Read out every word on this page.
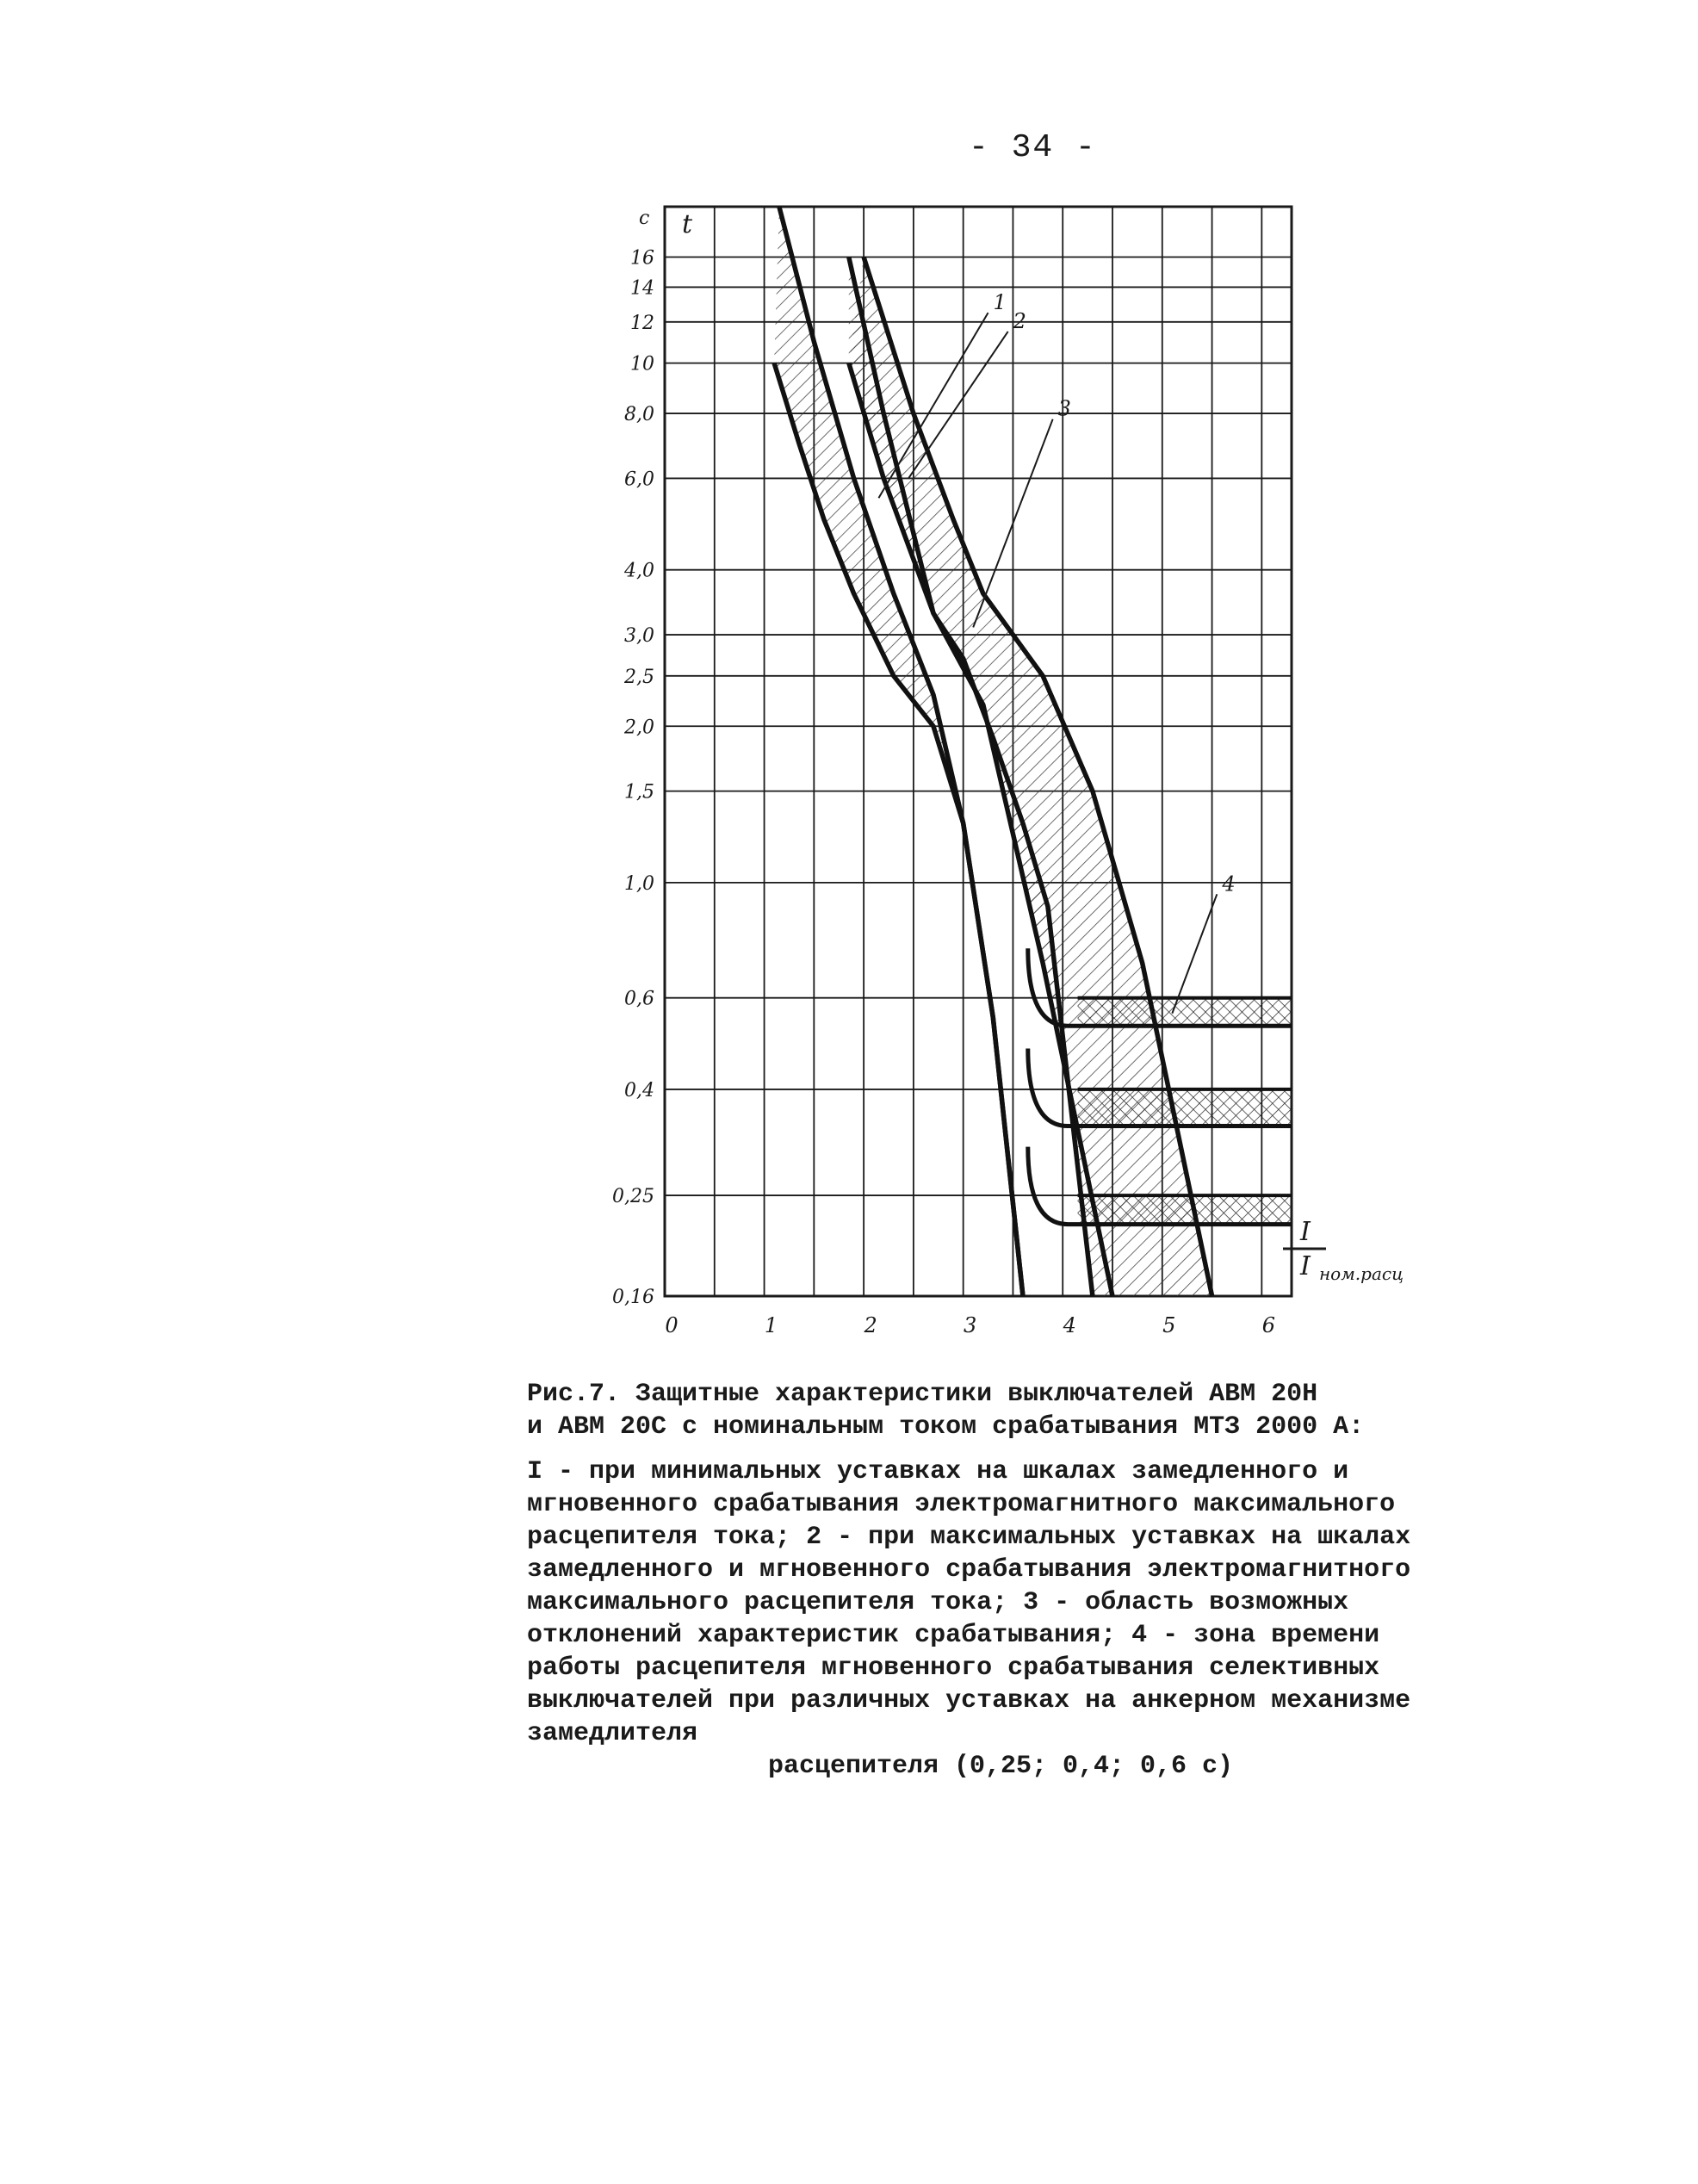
- 34 -
0,16
0,25
0,4
0,6
1,0
1,5
2,0
2,5
3,0
4,0
6,0
8,0
10
12
14
16
0	1	2	3	4	5	6
1
2
3
4
с t
I
I ном.расц
Рис.7. Защитные характеристики выключателей АВМ 20Н
и АВМ 20С с номинальным током срабатывания МТЗ 2000 А:
I - при минимальных уставках на шкалах замедленного и мгновенного срабатывания электромагнитного максимального расцепителя тока; 2 - при максимальных уставках на шкалах замедленного и мгновенного срабатывания электромагнитного максимального расцепителя тока; 3 - область возможных отклонений характеристик срабатывания; 4 - зона времени работы расцепителя мгновенного срабатывания селективных выключателей при различных уставках на анкерном механизме замедлителя
расцепителя (0,25; 0,4; 0,6 с)
